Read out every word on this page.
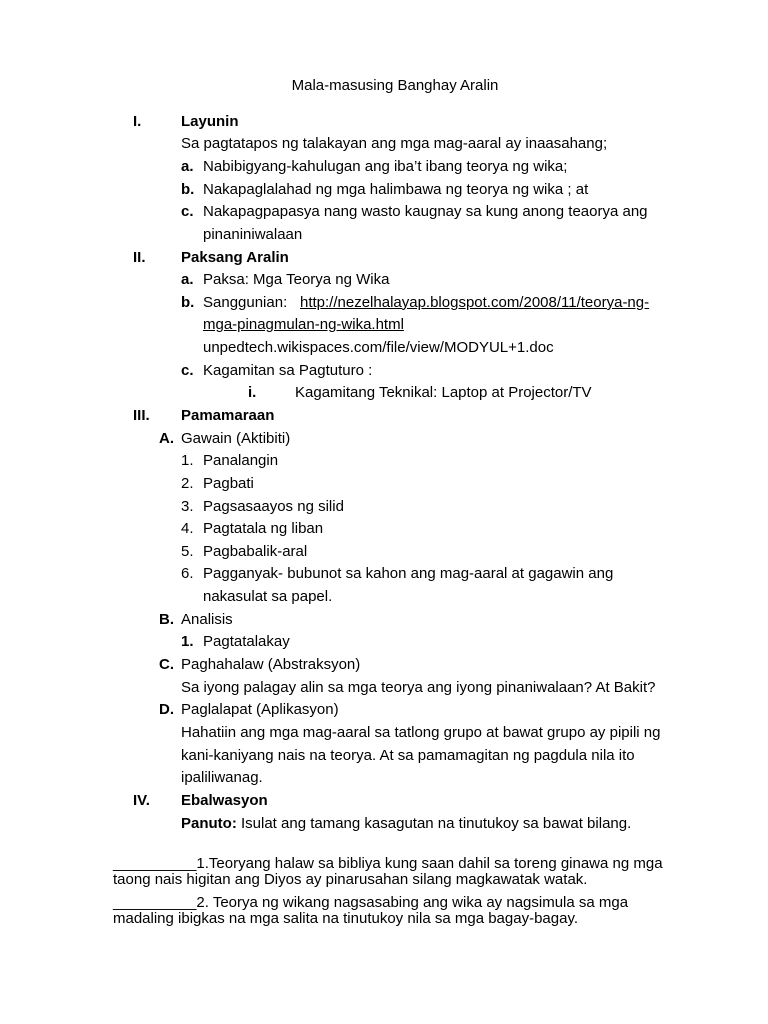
Mala-masusing Banghay Aralin
I.	Layunin
Sa pagtatapos ng talakayan ang mga mag-aaral ay inaasahang;
a. Nabibigyang-kahulugan ang iba’t ibang teorya ng wika;
b. Nakapaglalahad ng mga halimbawa ng teorya ng wika ; at
c. Nakapagpapasya nang wasto kaugnay sa kung anong teaorya ang
pinaniniwalaan
II. Paksang Aralin
a. Paksa: Mga Teorya ng Wika
b. Sanggunian: http://nezelhalayap.blogspot.com/2008/11/teorya-ng-
mga-pinagmulan-ng-wika.html
unpedtech.wikispaces.com/file/view/MODYUL+1.doc
c. Kagamitan sa Pagtuturo :
i.	Kagamitang Teknikal: Laptop at Projector/TV
III. Pamamaraan
A. Gawain (Aktibiti)
1. Panalangin
2. Pagbati
3. Pagsasaayos ng silid
4. Pagtatala ng liban
5. Pagbabalik-aral
6. Pagganyak- bubunot sa kahon ang mag-aaral at gagawin ang
nakasulat sa papel.
B. Analisis
1. Pagtatalakay
C. Paghahalaw (Abstraksyon)
Sa iyong palagay alin sa mga teorya ang iyong pinaniwalaan? At Bakit?
D. Paglalapat (Aplikasyon)
Hahatiin ang mga mag-aaral sa tatlong grupo at bawat grupo ay pipili ng
kani-kaniyang nais na teorya. At sa pamamagitan ng pagdula nila ito
ipaliliwanag.
IV. Ebalwasyon
Panuto: Isulat ang tamang kasagutan na tinutukoy sa bawat bilang.
__________1.Teoryang halaw sa bibliya kung saan dahil sa toreng ginawa ng mga
taong nais higitan ang Diyos ay pinarusahan silang magkawatak watak.
__________2. Teorya ng wikang nagsasabing ang wika ay nagsimula sa mga
madaling ibigkas na mga salita na tinutukoy nila sa mga bagay-bagay.
